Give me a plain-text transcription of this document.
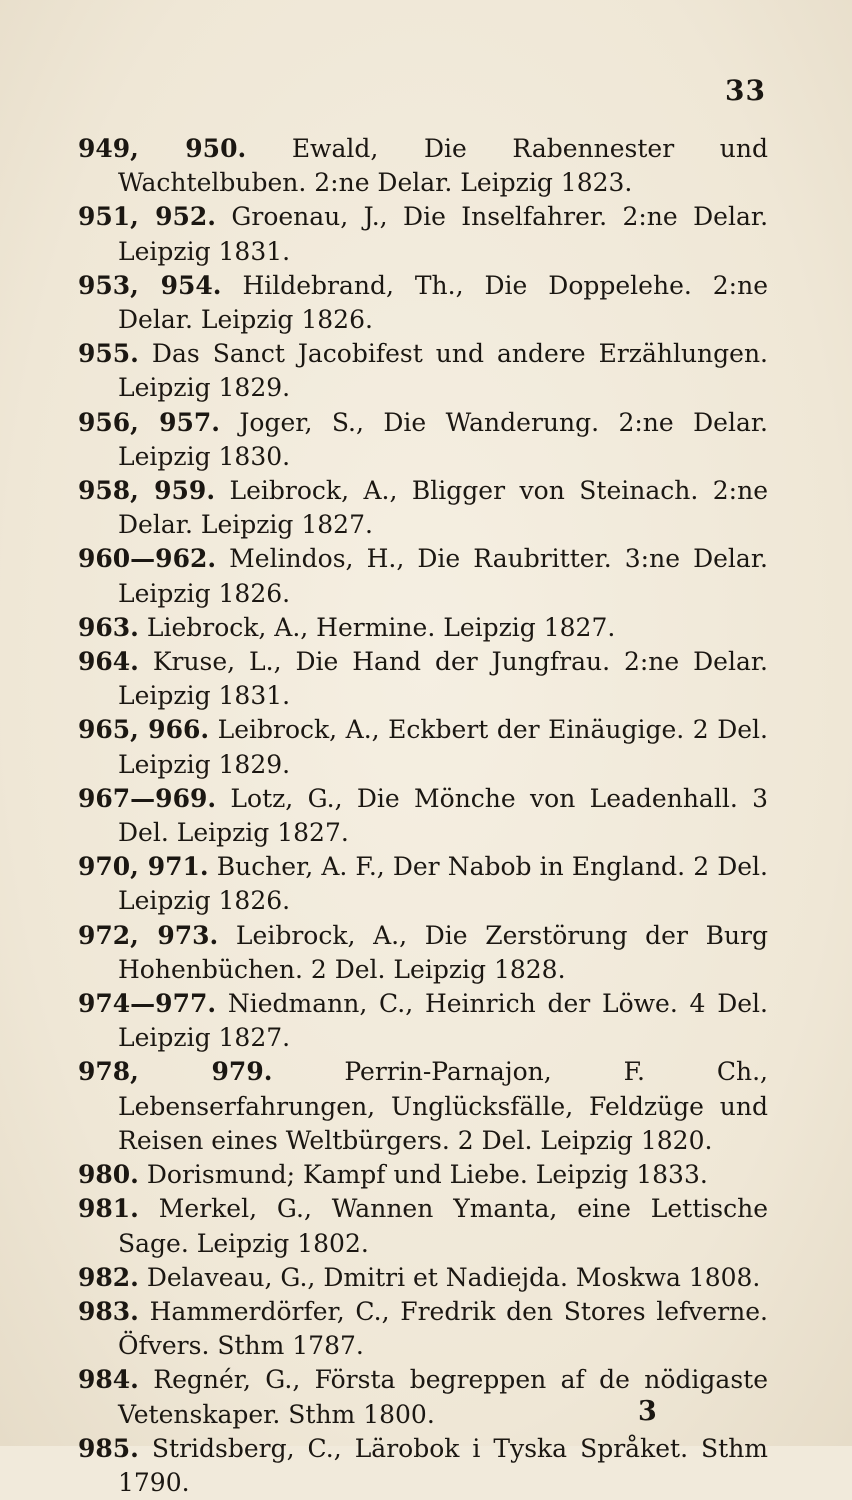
33

949, 950. Ewald, Die Rabennester und Wachtelbuben. 2:ne Delar. Leipzig 1823.

951, 952. Groenau, J., Die Inselfahrer. 2:ne Delar. Leipzig 1831.

953, 954. Hildebrand, Th., Die Doppelehe. 2:ne Delar. Leipzig 1826.

955. Das Sanct Jacobifest und andere Erzählungen. Leipzig 1829.

956, 957. Joger, S., Die Wanderung. 2:ne Delar. Leipzig 1830.

958, 959. Leibrock, A., Bligger von Steinach. 2:ne Delar. Leipzig 1827.

960—962. Melindos, H., Die Raubritter. 3:ne Delar. Leipzig 1826.

963. Liebrock, A., Hermine. Leipzig 1827.

964. Kruse, L., Die Hand der Jungfrau. 2:ne Delar. Leipzig 1831.

965, 966. Leibrock, A., Eckbert der Einäugige. 2 Del. Leipzig 1829.

967—969. Lotz, G., Die Mönche von Leadenhall. 3 Del. Leipzig 1827.

970, 971. Bucher, A. F., Der Nabob in England. 2 Del. Leipzig 1826.

972, 973. Leibrock, A., Die Zerstörung der Burg Hohenbüchen. 2 Del. Leipzig 1828.

974—977. Niedmann, C., Heinrich der Löwe. 4 Del. Leipzig 1827.

978, 979.	Perrin-Parnajon, F. Ch., Lebenserfahrungen, Unglücksfälle, Feldzüge und Reisen eines Weltbürgers. 2 Del. Leipzig 1820.

980. Dorismund; Kampf und Liebe. Leipzig 1833.

981. Merkel, G., Wannen Ymanta, eine Lettische Sage. Leipzig 1802.

982. Delaveau, G., Dmitri et Nadiejda. Moskwa 1808.

983. Hammerdörfer, C., Fredrik den Stores lefverne. Öfvers. Sthm 1787.

984. Regnér, G., Första begreppen af de nödigaste Vetenskaper. Sthm 1800.

985. Stridsberg, C., Lärobok i Tyska Språket. Sthm 1790.

3
